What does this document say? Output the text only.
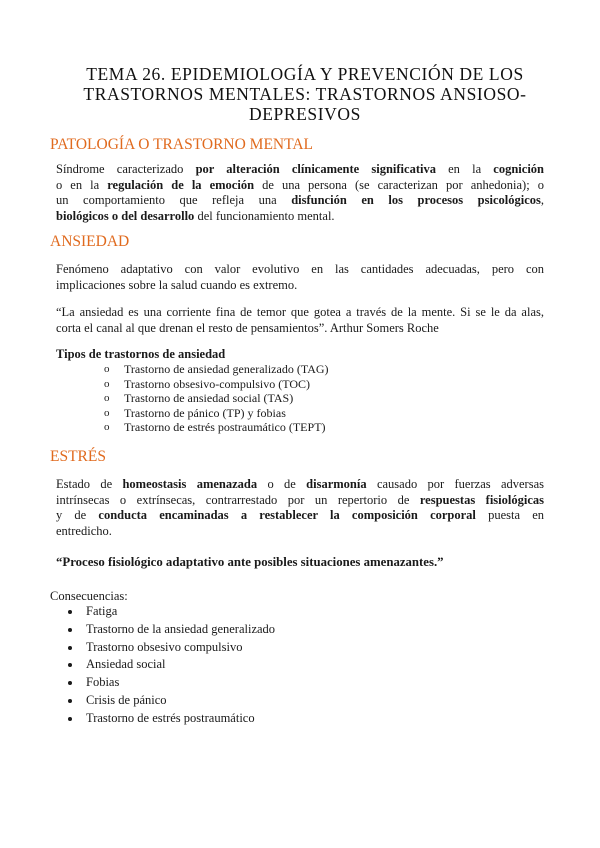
TEMA 26. EPIDEMIOLOGÍA Y PREVENCIÓN DE LOS
TRASTORNOS MENTALES: TRASTORNOS ANSIOSO-
DEPRESIVOS
PATOLOGÍA O TRASTORNO MENTAL
Síndrome caracterizado por alteración clínicamente significativa en la cognición
o en la regulación de la emoción de una persona (se caracterizan por anhedonia); o
un comportamiento que refleja una disfunción en los procesos psicológicos,
biológicos o del desarrollo del funcionamiento mental.
ANSIEDAD
Fenómeno adaptativo con valor evolutivo en las cantidades adecuadas, pero con
implicaciones sobre la salud cuando es extremo.
“La ansiedad es una corriente fina de temor que gotea a través de la mente. Si se le da alas,
corta el canal al que drenan el resto de pensamientos”. Arthur Somers Roche
Tipos de trastornos de ansiedad
o Trastorno de ansiedad generalizado (TAG)
o Trastorno obsesivo-compulsivo (TOC)
o Trastorno de ansiedad social (TAS)
o Trastorno de pánico (TP) y fobias
o Trastorno de estrés postraumático (TEPT)
ESTRÉS
Estado de homeostasis amenazada o de disarmonía causado por fuerzas adversas
intrínsecas o extrínsecas, contrarrestado por un repertorio de respuestas fisiológicas
y de conducta encaminadas a restablecer la composición corporal puesta en
entredicho.
“Proceso fisiológico adaptativo ante posibles situaciones amenazantes.”
Consecuencias:
Fatiga
Trastorno de la ansiedad generalizado
Trastorno obsesivo compulsivo
Ansiedad social
Fobias
Crisis de pánico
Trastorno de estrés postraumático
